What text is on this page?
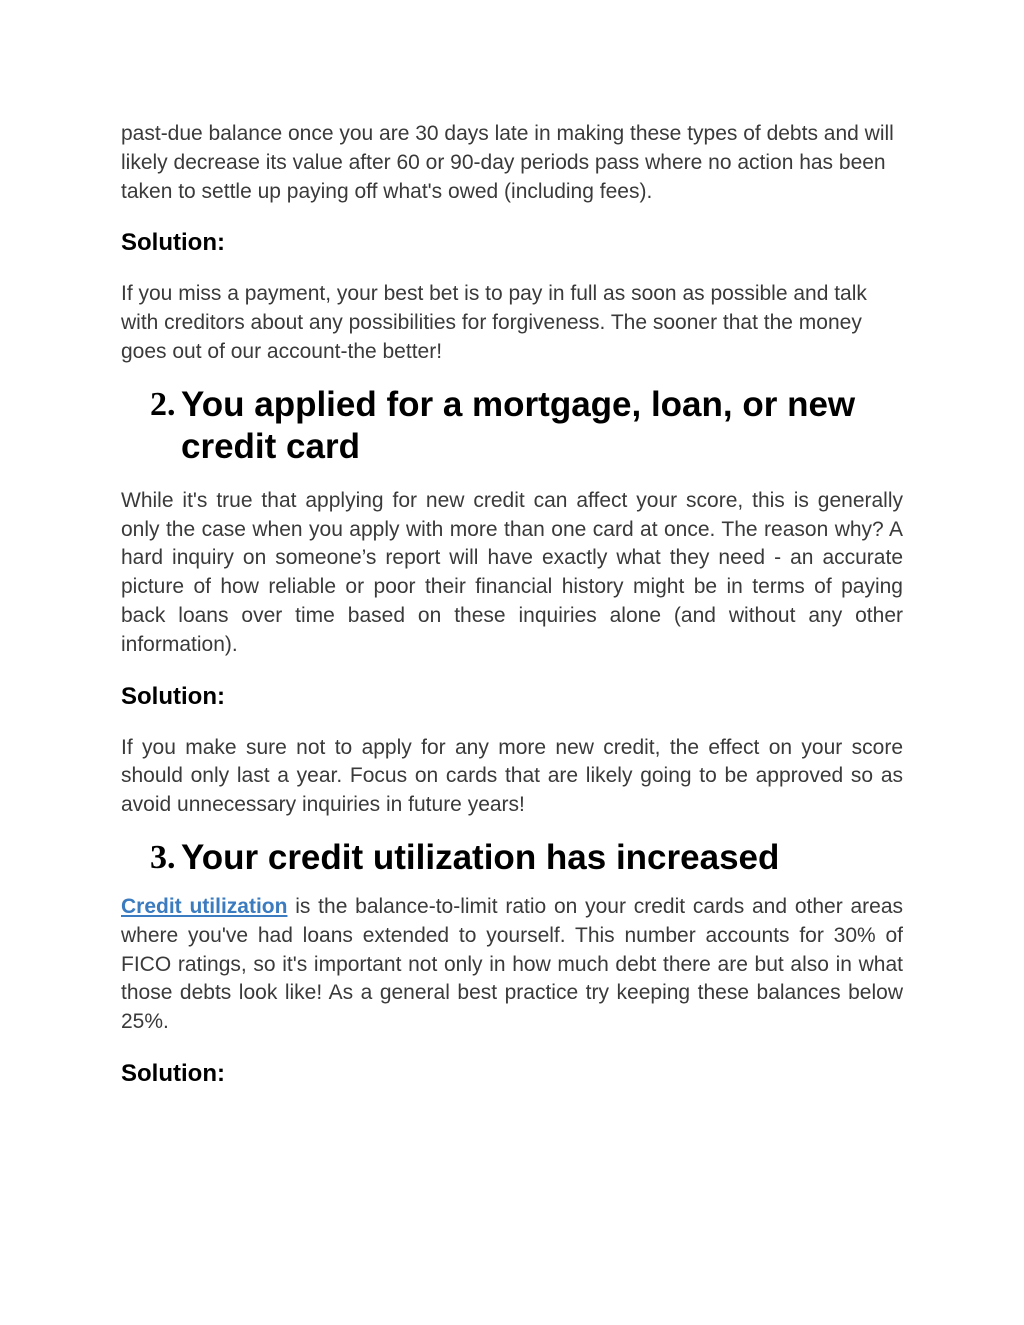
past-due balance once you are 30 days late in making these types of debts and will likely decrease its value after 60 or 90-day periods pass where no action has been taken to settle up paying off what's owed (including fees).

Solution:

If you miss a payment, your best bet is to pay in full as soon as possible and talk with creditors about any possibilities for forgiveness. The sooner that the money goes out of our account-the better!

2. You applied for a mortgage, loan, or new credit card

While it's true that applying for new credit can affect your score, this is generally only the case when you apply with more than one card at once. The reason why? A hard inquiry on someone’s report will have exactly what they need - an accurate picture of how reliable or poor their financial history might be in terms of paying back loans over time based on these inquiries alone (and without any other information).

Solution:

If you make sure not to apply for any more new credit, the effect on your score should only last a year. Focus on cards that are likely going to be approved so as avoid unnecessary inquiries in future years!

3. Your credit utilization has increased

Credit utilization is the balance-to-limit ratio on your credit cards and other areas where you've had loans extended to yourself. This number accounts for 30% of FICO ratings, so it's important not only in how much debt there are but also in what those debts look like! As a general best practice try keeping these balances below 25%.

Solution:
